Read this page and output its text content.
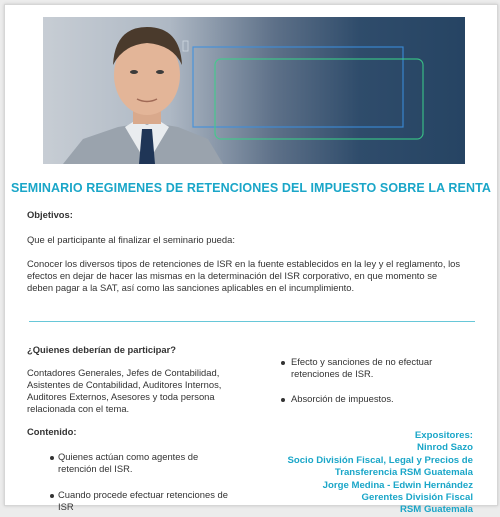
SEMINARIO REGIMENES DE RETENCIONES DEL IMPUESTO SOBRE LA RENTA
Objetivos:
Que el participante al finalizar el seminario pueda:
Conocer los diversos tipos de retenciones de ISR en la fuente establecidos en la ley y el reglamento, los
efectos en dejar de hacer las mismas en la determinación del ISR corporativo, en que momento se
deben pagar a la SAT, así como las sanciones aplicables en el incumplimiento.
¿Quienes deberían de participar?
Contadores Generales, Jefes de Contabilidad,
Asistentes de Contabilidad, Auditores Internos,
Auditores Externos, Asesores y toda persona
relacionada con el tema.
Contenido:
Quienes actúan como agentes de
retención del ISR.
Cuando procede efectuar retenciones de
ISR
Efecto y sanciones de no efectuar
retenciones de ISR.
Absorción de impuestos.
Expositores:
Ninrod Sazo
Socio División Fiscal, Legal y Precios de
Transferencia RSM Guatemala
Jorge Medina - Edwin Hernández
Gerentes División Fiscal
RSM Guatemala
